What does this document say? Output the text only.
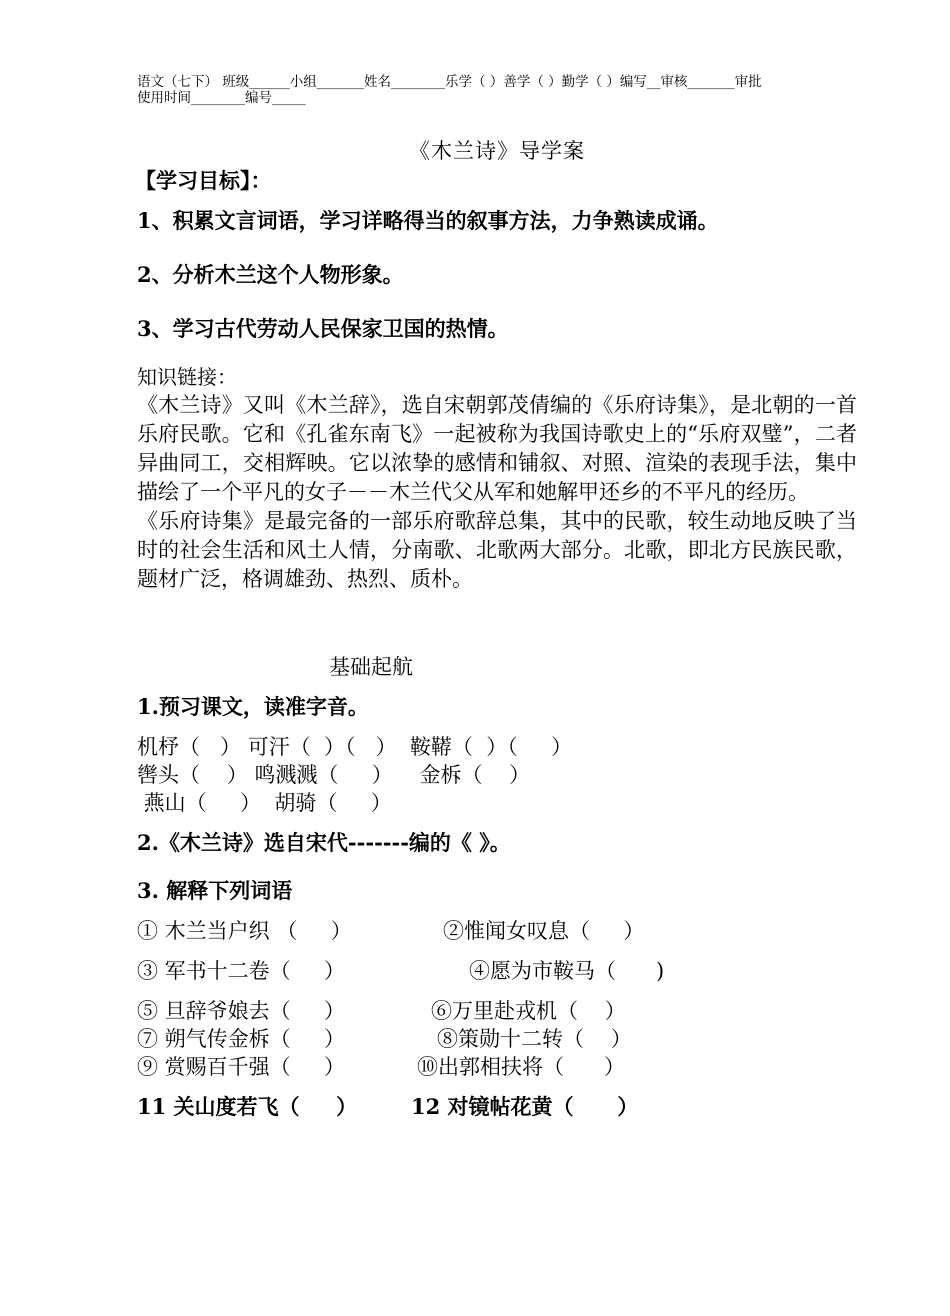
语文（七下） 班级______小组_______姓名________乐学（ ）善学（ ）勤学（ ）编写__审核_______审批
使用时间________编号_____
《木兰诗》导学案
【学习目标】：
1、积累文言词语，学习详略得当的叙事方法，力争熟读成诵。
2、分析木兰这个人物形象。
3、学习古代劳动人民保家卫国的热情。
知识链接：
《木兰诗》又叫《木兰辞》，选自宋朝郭茂倩编的《乐府诗集》，是北朝的一首乐府民歌。它和《孔雀东南飞》一起被称为我国诗歌史上的“乐府双璧”，二者异曲同工，交相辉映。它以浓挚的感情和铺叙、对照、渲染的表现手法，集中描绘了一个平凡的女子－－木兰代父从军和她解甲还乡的不平凡的经历。
《乐府诗集》是最完备的一部乐府歌辞总集，其中的民歌，较生动地反映了当时的社会生活和风土人情，分南歌、北歌两大部分。北歌，即北方民族民歌，题材广泛，格调雄劲、热烈、质朴。
基础起航
1.预习课文，读准字音。
机杼（   ） 可汗（  ）（   ）  鞍鞯（  ）（     ）
辔头（    ） 鸣溅溅（     ）    金柝（    ）
燕山（     ）  胡骑（     ）
2.《木兰诗》选自宋代-------编的《 》。
3. 解释下列词语
① 木兰当户织 （     ）	②惟闻女叹息（     ）
③ 军书十二卷（     ）	④愿为市鞍马（      )
⑤ 旦辞爷娘去（     ）	⑥万里赴戎机（    ）
⑦ 朔气传金柝（     ）	⑧策勋十二转（    ）
⑨ 赏赐百千强（     ）	⑩出郭相扶将（      ）
11 关山度若飞（     ）	12 对镜帖花黄（      ）
